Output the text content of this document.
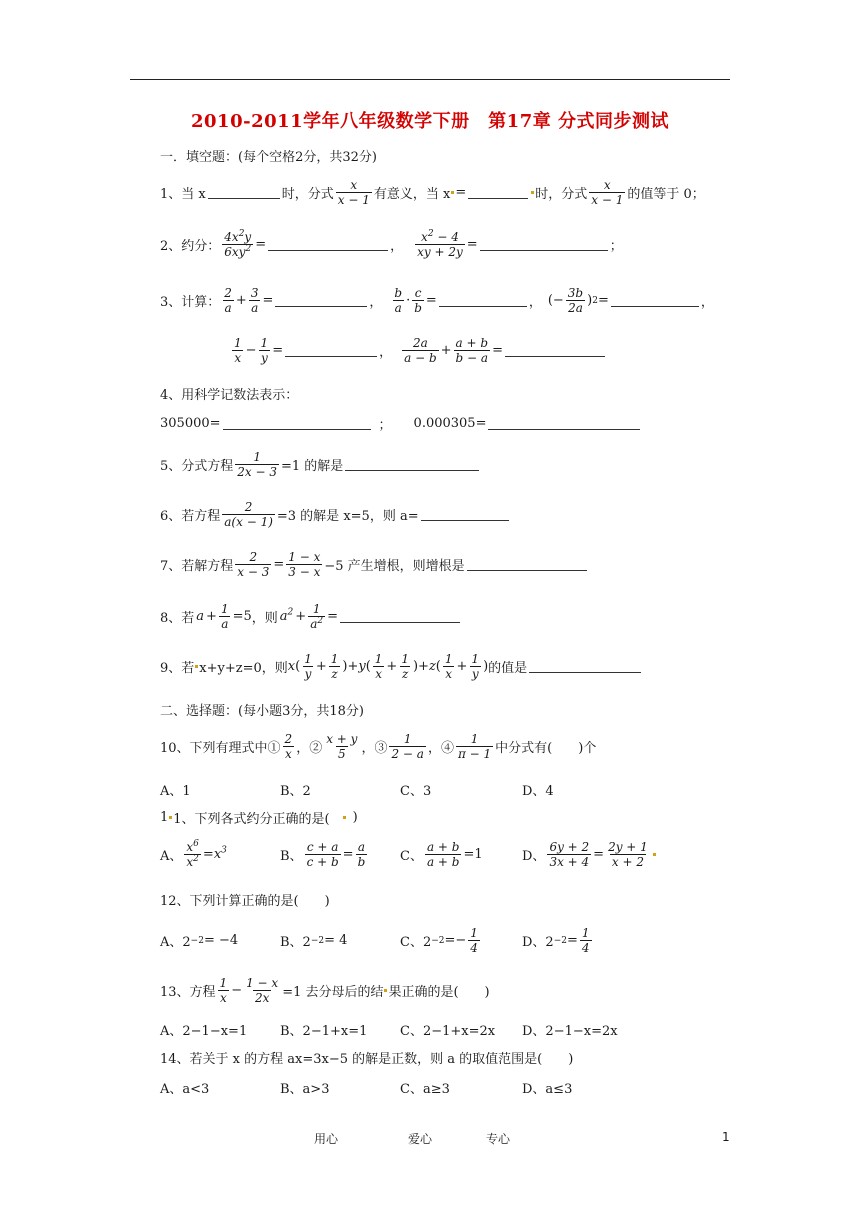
2010-2011学年八年级数学下册　第17章 分式同步测试
一．填空题：(每个空格2分，共32分)
1、当 x	时，分式 $\frac{x}{x - 1}$ 有意义，当 x =	时，分式 $\frac{x}{x - 1}$ 的值等于 0；
2、约分： $\frac{4x^2y}{6xy^2}$ =	， $\frac{x^2 - 4}{xy + 2y}$ =	；
3、计算： $\frac{2}{a} + \frac{3}{a}$ =	， $\frac{b}{a} \cdot \frac{c}{b}$ =	， (− $\frac{3b}{2a}$ ) 2 =	，
$\frac{1}{x} - \frac{1}{y}$ =	， $\frac{2a}{a - b} + \frac{a + b}{b - a}$ =
4、用科学记数法表示：
305000=	； 0.000305=
5、分式方程 $\frac{1}{2x - 3} =1$ 的解是
6、若方程 $\frac{2}{a(x - 1)} =3$ 的解是 x=5，则 a=
7、若解方程 $\frac{2}{x - 3} = \frac{1 - x}{3 - x} -5$ 产生增根，则增根是
8、若 $a + \frac{1}{a} =5$ ，则 $a^2 + \frac{1}{a^2}$ =
9、若 x+y+z=0，则 x ( $\frac{1}{y} + \frac{1}{z}$ )+ y ( $\frac{1}{x} + \frac{1}{z}$ )+ z ( $\frac{1}{x} + \frac{1}{y}$ ) 的值是
二、选择题：(每小题3分，共18分)
10、下列有理式中① $\frac{2}{x}$ ，② $\frac{x + y}{5}$ ，③ $\frac{1}{2 - a}$ ，④ $\frac{1}{\pi - 1}$ 中分式有(　　)个
A、1	B、2	C、3	D、4
1 1、下列各式约分正确的是( )
A、 $\frac{x^6}{x^2} = x^3$	B、 $\frac{c + a}{c + b} = \frac{a}{b}$	C、 $\frac{a + b}{a + b} =1$	D、 $\frac{6y + 2}{3x + 4} = \frac{2y + 1}{x + 2}$
12、下列计算正确的是(　　)
A、2 −2 = −4	B、2 −2 = 4	C、$2 -2 =- \frac{1}{4}$	D、$2 -2 = \frac{1}{4}$
13、方程 $\frac{1}{x} - \frac{1 - x}{2x} =1$ 去分母后的结 果正确的是(　　)
A、2−1−x=1	B、2−1+x=1	C、2−1+x=2x	D、2−1−x=2x
14、若关于 x 的方程 ax=3x−5 的解是正数，则 a 的取值范围是(　　)
A、a<3	B、a>3	C、a≥3	D、a≤3
用心	爱心	专心	1
